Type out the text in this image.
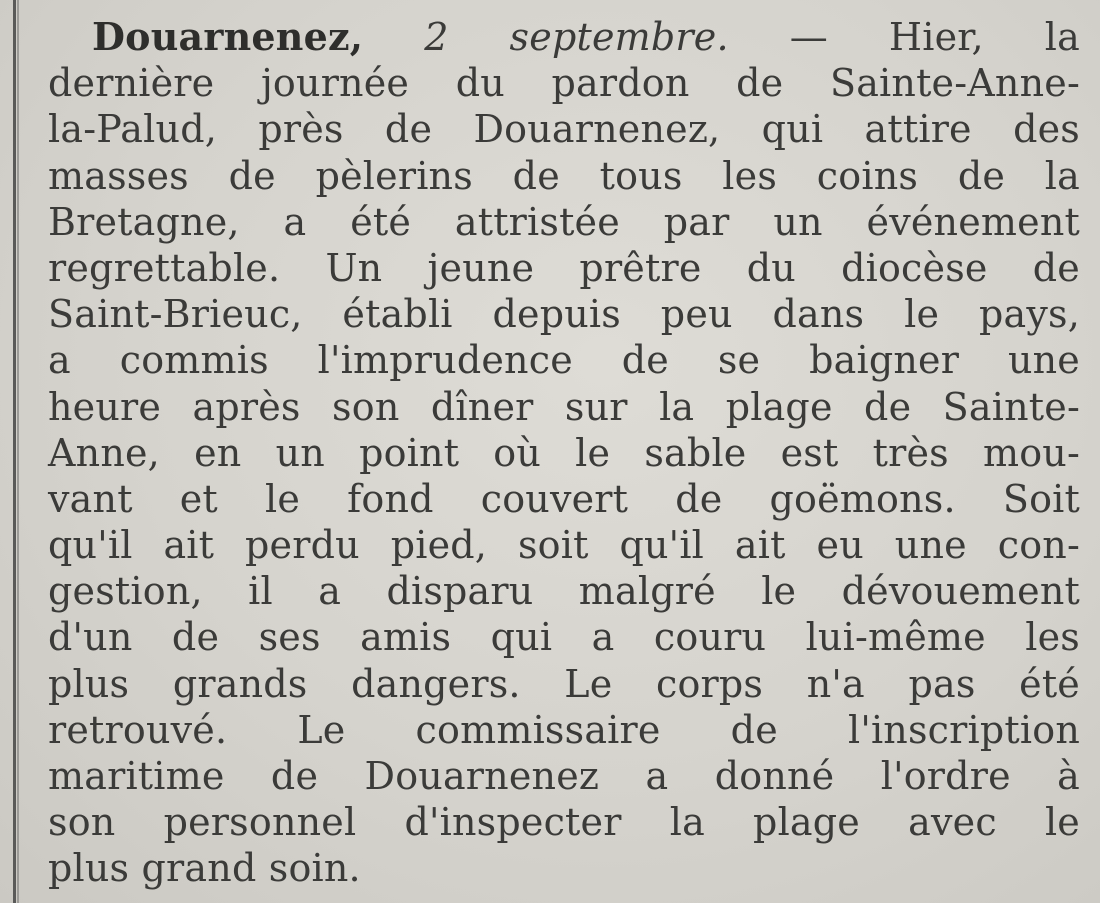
Douarnenez, 2 septembre. — Hier, la
dernière journée du pardon de Sainte-Anne-
la-Palud, près de Douarnenez, qui attire des
masses de pèlerins de tous les coins de la
Bretagne, a été attristée par un événement
regrettable. Un jeune prêtre du diocèse de
Saint-Brieuc, établi depuis peu dans le pays,
a commis l'imprudence de se baigner une
heure après son dîner sur la plage de Sainte-
Anne, en un point où le sable est très mou-
vant et le fond couvert de goëmons. Soit
qu'il ait perdu pied, soit qu'il ait eu une con-
gestion, il a disparu malgré le dévouement
d'un de ses amis qui a couru lui-même les
plus grands dangers. Le corps n'a pas été
retrouvé. Le commissaire de l'inscription
maritime de Douarnenez a donné l'ordre à
son personnel d'inspecter la plage avec le
plus grand soin.
